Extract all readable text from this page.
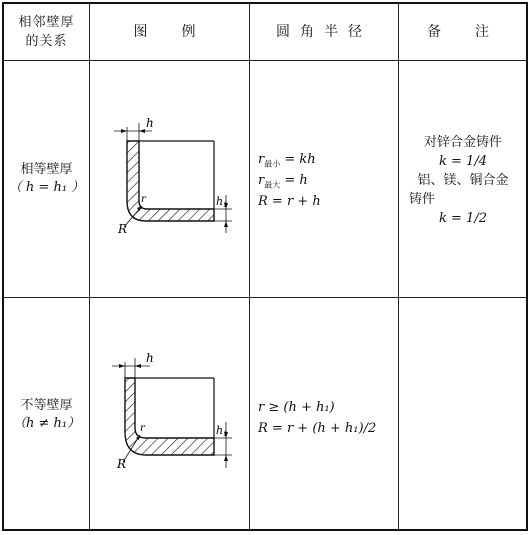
相邻壁厚
的关系
图　例	圆角半径	备　注
相等壁厚
（ h = h₁ ）
h
h1
r
R
$r_{最小}$ = kh
$r_{最大} = h$
R = r + h
对锌合金铸件
k = 1/4
铝、镁、铜合金
铸件
k = 1/2
不等壁厚
（h ≠ h₁）
h
h1
r
R
r ≥ (h + h₁)
R = r + (h + h₁)/2
